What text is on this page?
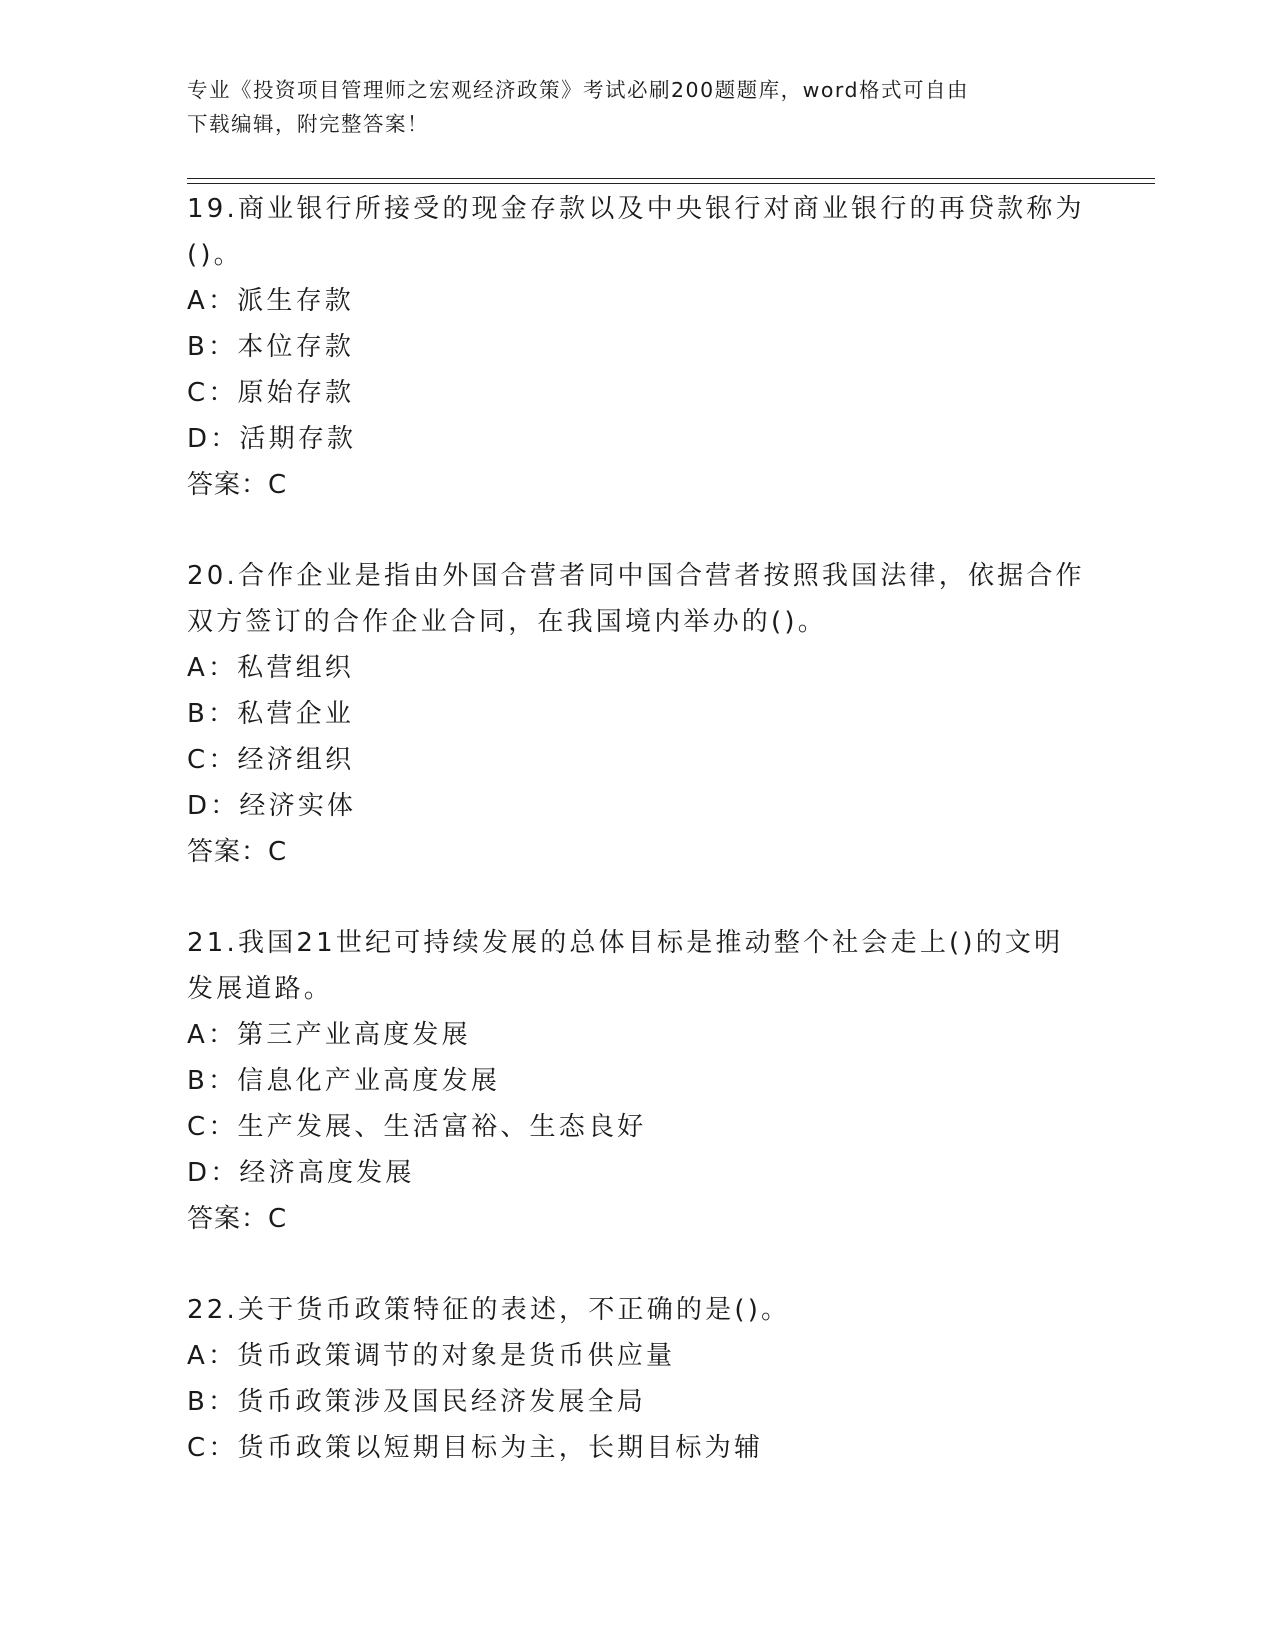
专业《投资项目管理师之宏观经济政策》考试必刷200题题库，word格式可自由
下载编辑，附完整答案！
19.商业银行所接受的现金存款以及中央银行对商业银行的再贷款称为
()。
A：派生存款
B：本位存款
C：原始存款
D：活期存款
答案：C
20.合作企业是指由外国合营者同中国合营者按照我国法律，依据合作
双方签订的合作企业合同，在我国境内举办的()。
A：私营组织
B：私营企业
C：经济组织
D：经济实体
答案：C
21.我国21世纪可持续发展的总体目标是推动整个社会走上()的文明
发展道路。
A：第三产业高度发展
B：信息化产业高度发展
C：生产发展、生活富裕、生态良好
D：经济高度发展
答案：C
22.关于货币政策特征的表述，不正确的是()。
A：货币政策调节的对象是货币供应量
B：货币政策涉及国民经济发展全局
C：货币政策以短期目标为主，长期目标为辅
